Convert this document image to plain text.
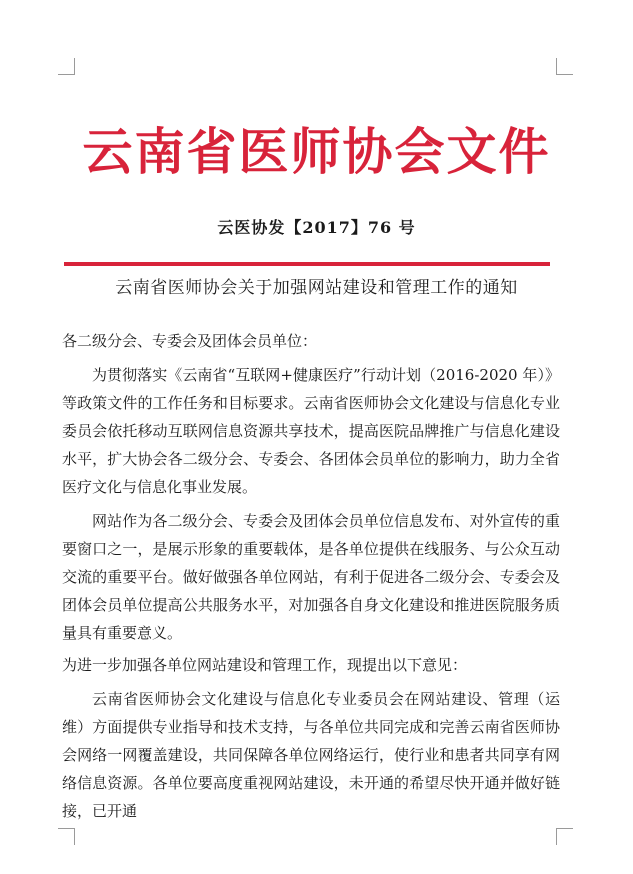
云南省医师协会文件
云医协发【2017】76 号
云南省医师协会关于加强网站建设和管理工作的通知

各二级分会、专委会及团体会员单位：

为贯彻落实《云南省“互联网+健康医疗”行动计划（2016-2020 年）》等政策文件的工作任务和目标要求。云南省医师协会文化建设与信息化专业委员会依托移动互联网信息资源共享技术，提高医院品牌推广与信息化建设水平，扩大协会各二级分会、专委会、各团体会员单位的影响力，助力全省医疗文化与信息化事业发展。

网站作为各二级分会、专委会及团体会员单位信息发布、对外宣传的重要窗口之一，是展示形象的重要载体，是各单位提供在线服务、与公众互动交流的重要平台。做好做强各单位网站，有利于促进各二级分会、专委会及团体会员单位提高公共服务水平，对加强各自身文化建设和推进医院服务质量具有重要意义。

为进一步加强各单位网站建设和管理工作，现提出以下意见：

云南省医师协会文化建设与信息化专业委员会在网站建设、管理（运维）方面提供专业指导和技术支持，与各单位共同完成和完善云南省医师协会网络一网覆盖建设，共同保障各单位网络运行，使行业和患者共同享有网络信息资源。各单位要高度重视网站建设，未开通的希望尽快开通并做好链接，已开通
